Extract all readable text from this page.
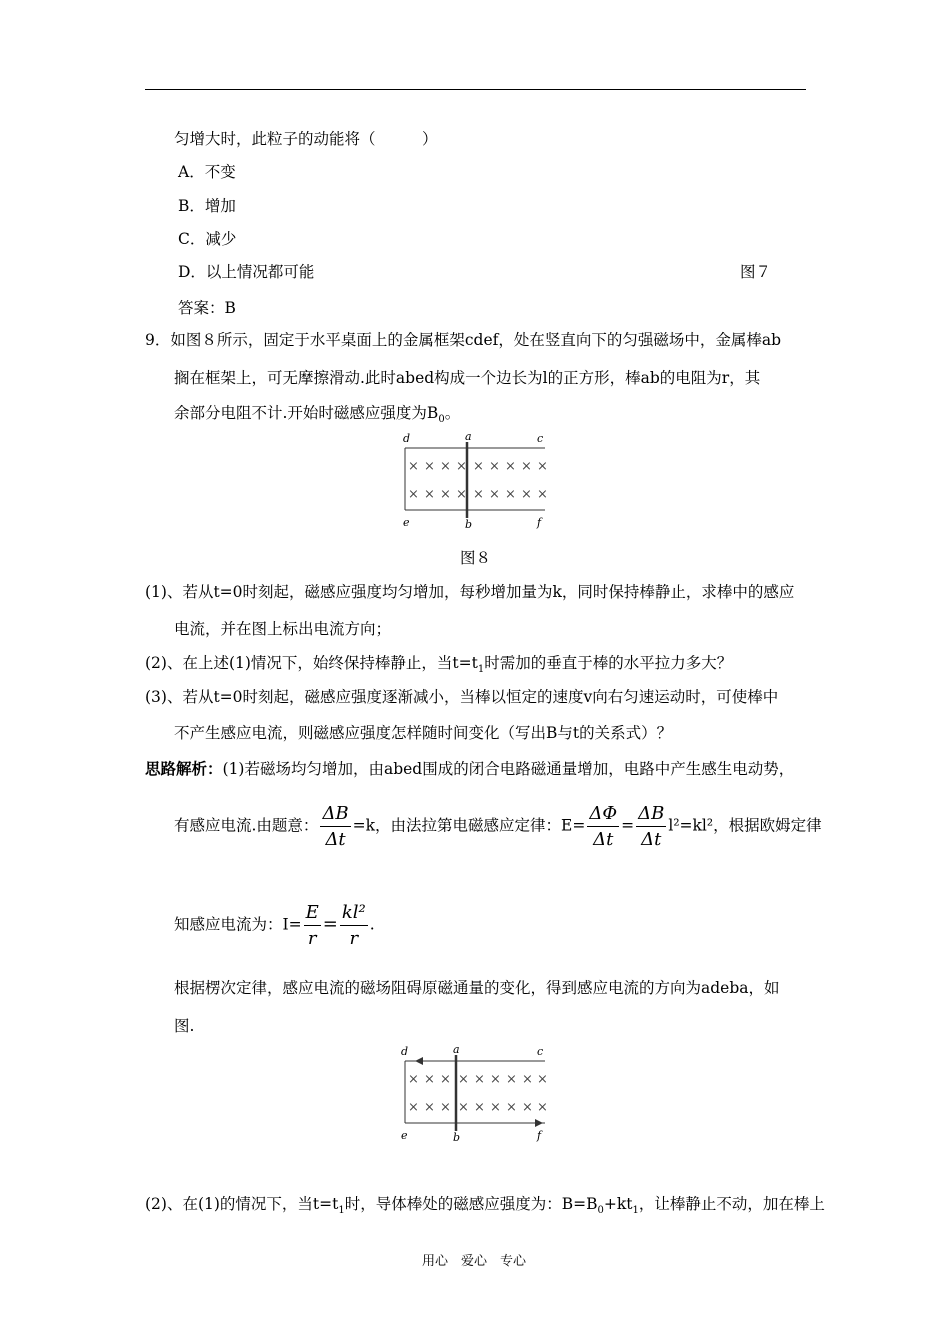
匀增大时，此粒子的动能将（　　　）
A．不变
B．增加
C．减少
D．以上情况都可能	图７
答案：B
9．如图８所示，固定于水平桌面上的金属框架cdef，处在竖直向下的匀强磁场中，金属棒ab
搁在框架上，可无摩擦滑动.此时abed构成一个边长为l的正方形，棒ab的电阻为r，其
余部分电阻不计.开始时磁感应强度为$B_0$。
d	a	c
e	b	f
× × × × × × × × ×
× × × × × × × × ×
图８
(1)、若从t=0时刻起，磁感应强度均匀增加，每秒增加量为k，同时保持棒静止，求棒中的感应
电流，并在图上标出电流方向；
(2)、在上述(1)情况下，始终保持棒静止，当$t=t_1$时需加的垂直于棒的水平拉力多大？
(3)、若从t=0时刻起，磁感应强度逐渐减小，当棒以恒定的速度v向右匀速运动时，可使棒中
不产生感应电流，则磁感应强度怎样随时间变化（写出B与t的关系式）？
思路解析：(1)若磁场均匀增加，由abed围成的闭合电路磁通量增加，电路中产生感生电动势，
有感应电流.由题意： $\frac{\Delta B}{\Delta t} =k$，由法拉第电磁感应定律：$E= \frac{\Delta\Phi}{\Delta t} = \frac{\Delta B}{\Delta t} l^2=kl^2$，根据欧姆定律
知感应电流为：$I= \frac{E}{r} = \frac{\text{kl²}}{r}$ .
根据楞次定律，感应电流的磁场阻碍原磁通量的变化，得到感应电流的方向为adeba，如
图.
d	a	c
e	b	f
× × × × × × × × ×
× × × × × × × × ×
(2)、在(1)的情况下，当$t=t_1$时，导体棒处的磁感应强度为：$B=B_0+kt_1$，让棒静止不动，加在棒上
用心　爱心　专心
